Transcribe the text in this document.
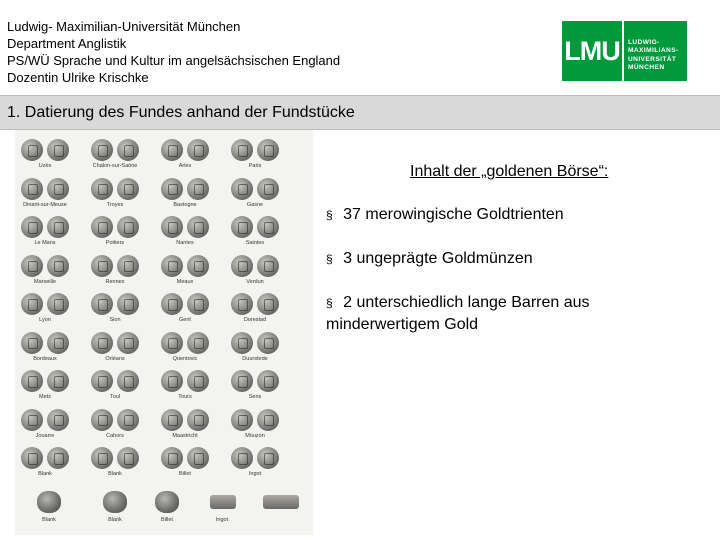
Ludwig- Maximilian-Universität München
Department Anglistik
PS/WÜ Sprache und Kultur im angelsächsischen England
Dozentin Ulrike Krischke
LMU	LUDWIG-
MAXIMILIANS-
UNIVERSITÄT
MÜNCHEN
1. Datierung des Fundes anhand der Fundstücke
Uzès	Chalon-sur-Saône	Arles	Paris
Dinant-sur-Meuse	Troyes	Bastogne	Gasne
Le Mans	Poitiers	Nantes	Saintes
Marseille	Rennes	Meaux	Verdun
Lyon	Sion	Gent	Dorestad
Bordeaux	Orléans	Quentovic	Duurstede
Metz	Toul	Tours	Sens
Jouarre	Cahors	Maastricht	Mouzon
Blank	Blank	Billet	Ingot
Blank	Blank	Billet	Ingot
Inhalt der „goldenen Börse“:
§ 37 merowingische Goldtrienten
§ 3 ungeprägte Goldmünzen
§ 2 unterschiedlich lange Barren aus minderwertigem Gold
